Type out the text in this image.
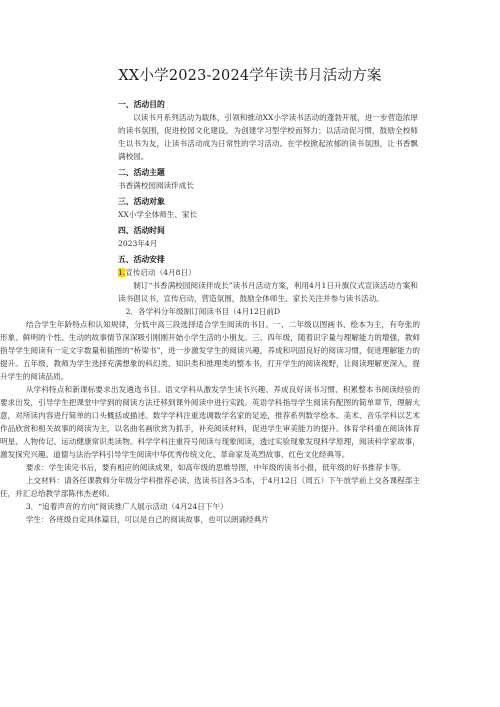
XX小学2023-2024学年读书月活动方案
一、活动目的

以读书月系列活动为载体，引领和推动XX小学读书活动的蓬勃开展，进一步营造浓厚的读书氛围，促进校园文化建设，为创建学习型学校而努力；以活动促习惯，鼓励全校师生以书为友，让读书活动成为日常性的学习活动。在学校掀起浓郁的读书氛围，让书香飘满校园。

二、活动主题

书香满校园阅读伴成长

三、活动对象

XX小学全体师生、家长

四、活动时间

2023年4月

五、活动安排

1.宣传启动（4月8日）

制订“书香满校园阅读伴成长”读书月活动方案，利用4月1日升旗仪式宣读活动方案和读书倡议书，宣传启动，营造氛围，鼓励全体师生、家长关注并参与读书活动。

2．各学科分年级制订阅读书目（4月12日前D

结合学生年龄特点和认知规律，分低中高三段选择适合学生阅读的书目。一、二年级以图画书、绘本为主，有夸张的形象、鲜明的个性、生动的故事情节深深吸引刚刚开始小学生活的小朋友。三、四年级，随着识字量与理解能力的增强，教师指导学生阅读有一定文字数量和插图的“桥梁书”，进一步激发学生的阅读兴趣，养成和巩固良好的阅读习惯，促进理解能力的提升。五年级，教师为学生选择充满想象的科幻类、知识类和推理类的整本书，打开学生的阅读视野，让阅读理解更深入，提升学生的阅读品质。

从学科特点和新课标要求出发遴选书目。语文学科从激发学生读书兴趣、养成良好读书习惯、积累整本书阅读经验的要求出发，引导学生把课堂中学到的阅读方法迁移到课外阅读中进行实践。英语学科指导学生阅读有配图的简单章节，理解大意，对所读内容进行简单的口头概括或描述。数学学科注重选调数学名家的足迹，推荐系列数学绘本。美术、音乐学科以艺术作品欣赏和相关故事的阅读为主，以名曲名画欣赏为抓手，补充阅读材料，促进学生审美能力的提升。体育学科重在阅读体育明星、人物传记、运动健康常识类读物。科学学科注重符号阅读与现象阅读，透过实验现象发现科学原理，阅读科学家故事，激发探究兴趣。道德与法治学科引导学生阅读中华优秀传统文化、革命家及英烈故事、红色文化经典等。

要求：学生读完书后，要有相应的阅读成果，如高年级的思维导图，中年级的读书小报，低年级的好书推荐卡等。

上交材料：请各任课教师分年级分学科推荐必读、选读书目各3-5本，于4月12日（周五）下午放学前上交各课程部主任，并汇总给教学部陈伟杰老师。

3．“追着声音的方向”阅读推广人展示活动（4月24日下午）

学生：各班级自定具体篇目，可以是自己的阅读故事，也可以朗诵经典片
